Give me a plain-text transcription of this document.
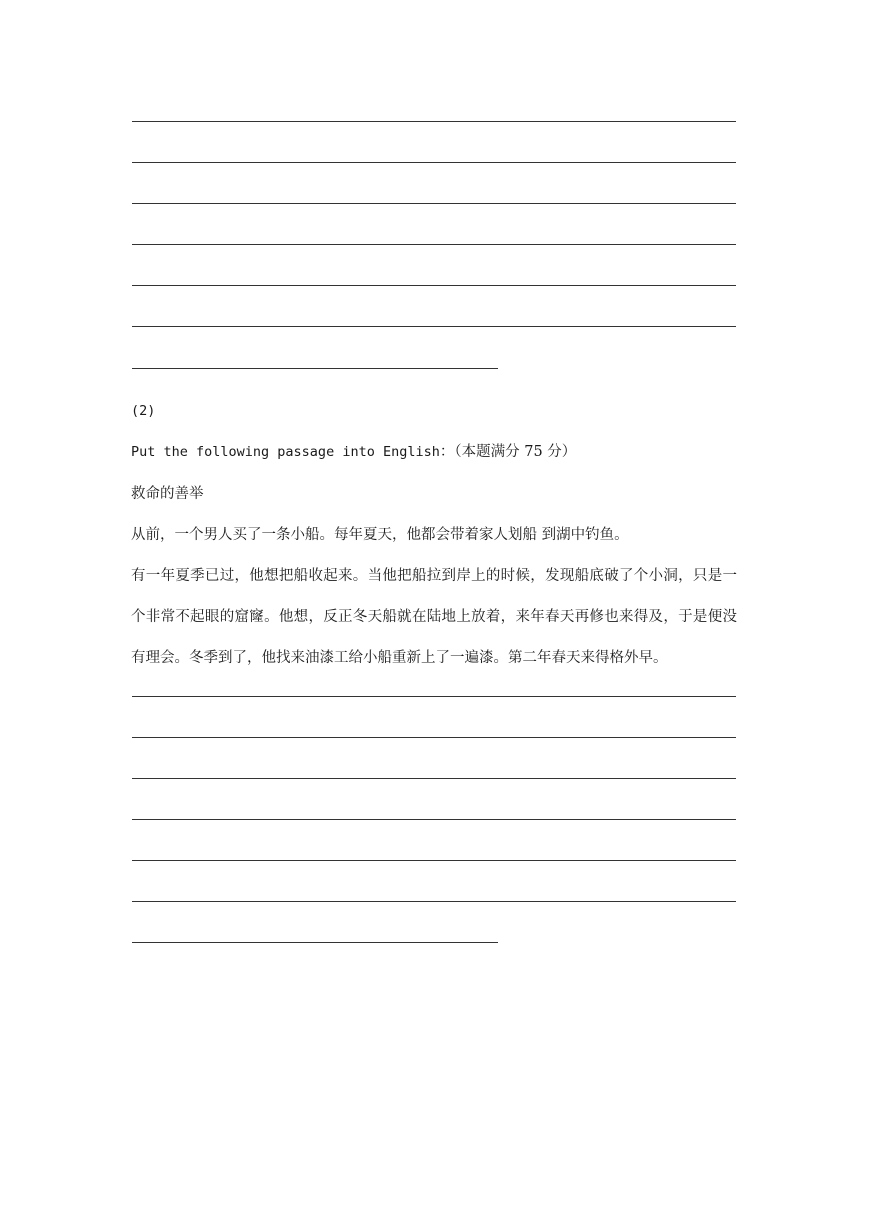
(2)
Put the following passage into English：（本题满分 75 分）
救命的善举
从前，一个男人买了一条小船。每年夏天，他都会带着家人划船 到湖中钓鱼。
有一年夏季已过，他想把船收起来。当他把船拉到岸上的时候，发现船底破了个小洞，只是一个非常不起眼的窟窿。他想，反正冬天船就在陆地上放着，来年春天再修也来得及，于是便没有理会。冬季到了，他找来油漆工给小船重新上了一遍漆。第二年春天来得格外早。
